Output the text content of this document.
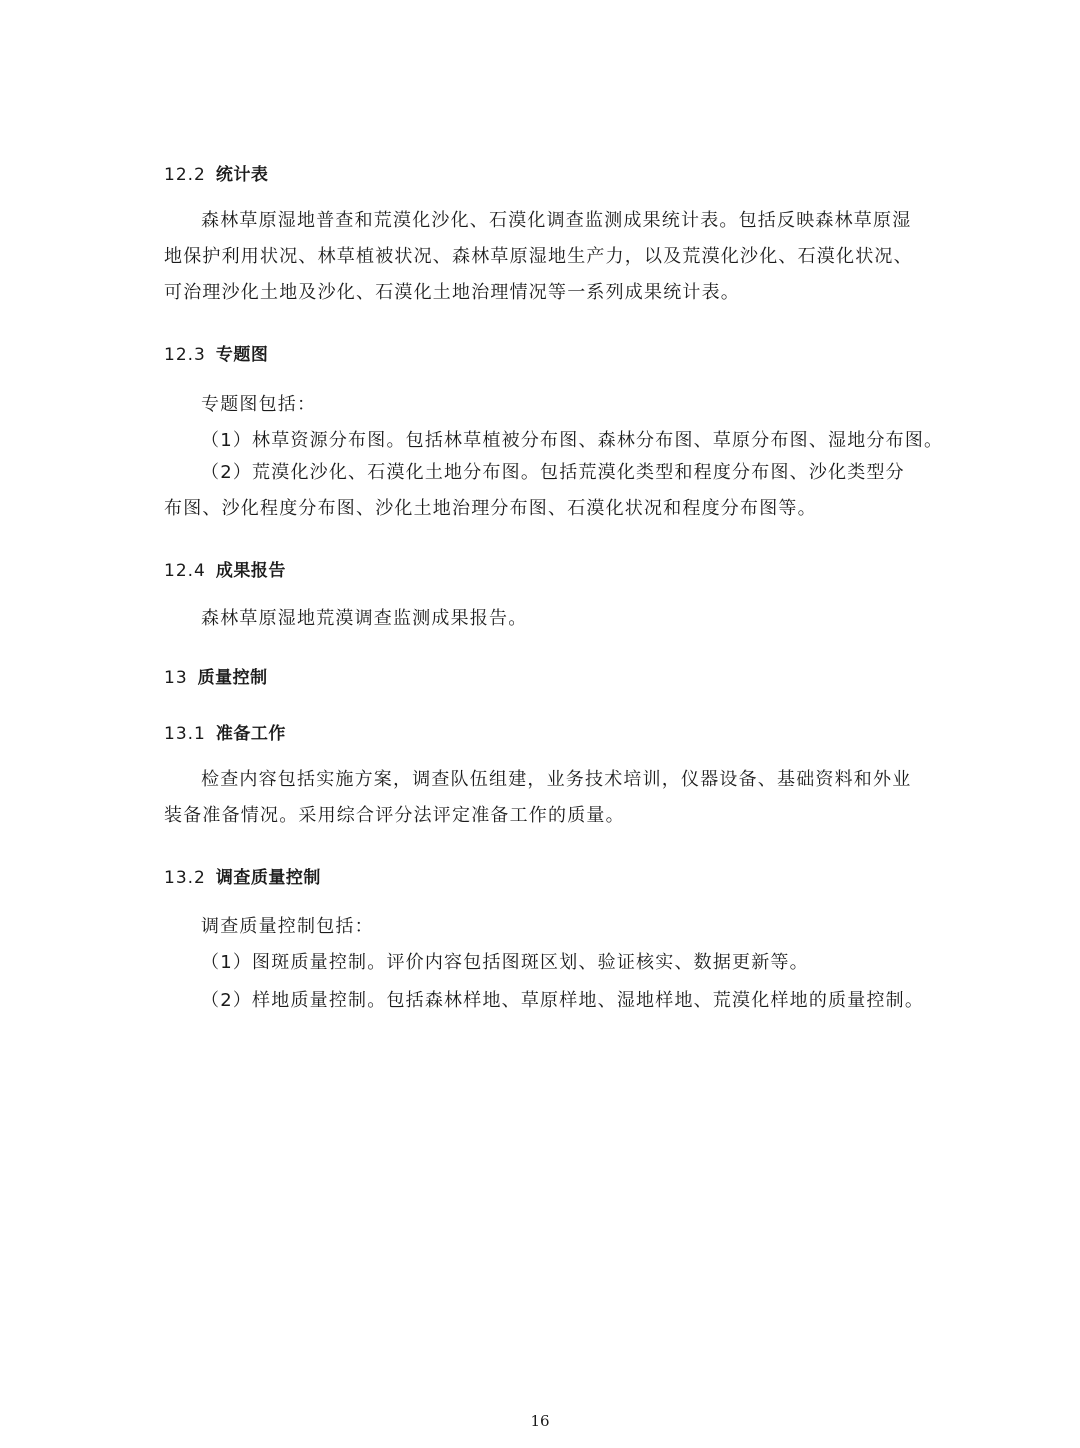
12.2 统计表
森林草原湿地普查和荒漠化沙化、石漠化调查监测成果统计表。包括反映森林草原湿地保护利用状况、林草植被状况、森林草原湿地生产力，以及荒漠化沙化、石漠化状况、可治理沙化土地及沙化、石漠化土地治理情况等一系列成果统计表。
12.3 专题图
专题图包括：
（1）林草资源分布图。包括林草植被分布图、森林分布图、草原分布图、湿地分布图。
（2）荒漠化沙化、石漠化土地分布图。包括荒漠化类型和程度分布图、沙化类型分布图、沙化程度分布图、沙化土地治理分布图、石漠化状况和程度分布图等。
12.4 成果报告
森林草原湿地荒漠调查监测成果报告。
13 质量控制
13.1 准备工作
检查内容包括实施方案，调查队伍组建，业务技术培训，仪器设备、基础资料和外业装备准备情况。采用综合评分法评定准备工作的质量。
13.2 调查质量控制
调查质量控制包括：
（1）图斑质量控制。评价内容包括图斑区划、验证核实、数据更新等。
（2）样地质量控制。包括森林样地、草原样地、湿地样地、荒漠化样地的质量控制。
16
